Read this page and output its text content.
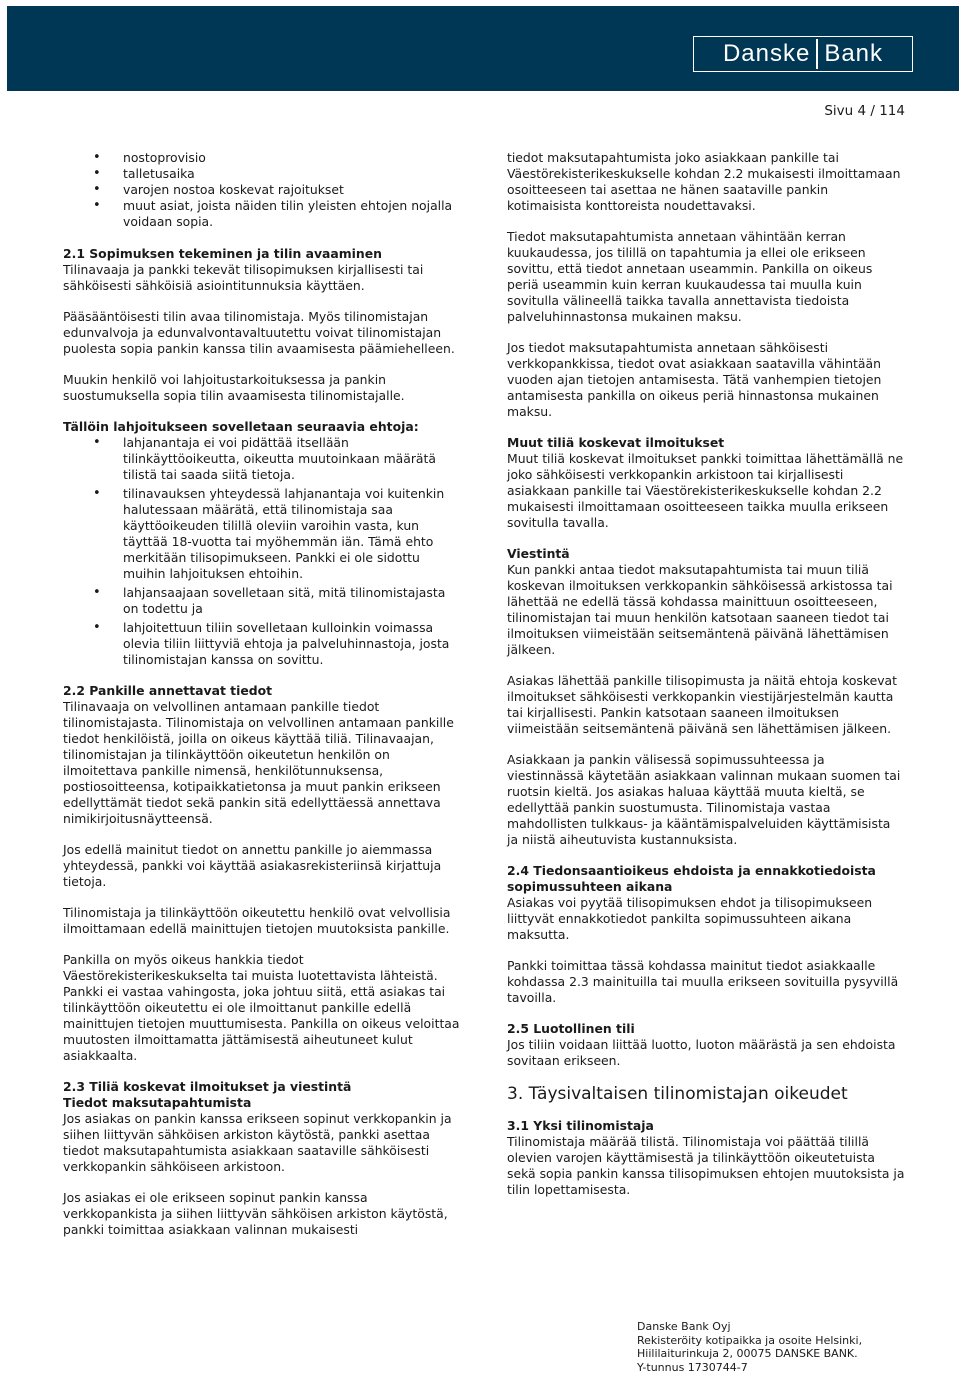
Danske Bank
Sivu 4 / 114
• nostoprovisio
• talletusaika
• varojen nostoa koskevat rajoitukset
• muut asiat, joista näiden tilin yleisten ehtojen nojalla voidaan sopia.

2.1 Sopimuksen tekeminen ja tilin avaaminen

Tilinavaaja ja pankki tekevät tilisopimuksen kirjallisesti tai sähköisesti sähköisiä asiointitunnuksia käyttäen.

Pääsääntöisesti tilin avaa tilinomistaja. Myös tilinomistajan edunvalvoja ja edunvalvontavaltuutettu voivat tilinomistajan puolesta sopia pankin kanssa tilin avaamisesta päämiehelleen.

Muukin henkilö voi lahjoitustarkoituksessa ja pankin suostumuksella sopia tilin avaamisesta tilinomistajalle.

Tällöin lahjoitukseen sovelletaan seuraavia ehtoja:

• lahjanantaja ei voi pidättää itsellään tilinkäyttöoikeutta, oikeutta muutoinkaan määrätä tilistä tai saada siitä tietoja.
• tilinavauksen yhteydessä lahjanantaja voi kuitenkin halutessaan määrätä, että tilinomistaja saa käyttöoikeuden tilillä oleviin varoihin vasta, kun täyttää 18-vuotta tai myöhemmän iän. Tämä ehto merkitään tilisopimukseen. Pankki ei ole sidottu muihin lahjoituksen ehtoihin.
• lahjansaajaan sovelletaan sitä, mitä tilinomistajasta on todettu ja
• lahjoitettuun tiliin sovelletaan kulloinkin voimassa olevia tiliin liittyviä ehtoja ja palveluhinnastoja, josta tilinomistajan kanssa on sovittu.

2.2 Pankille annettavat tiedot

Tilinavaaja on velvollinen antamaan pankille tiedot tilinomistajasta. Tilinomistaja on velvollinen antamaan pankille tiedot henkilöistä, joilla on oikeus käyttää tiliä. Tilinavaajan, tilinomistajan ja tilinkäyttöön oikeutetun henkilön on ilmoitettava pankille nimensä, henkilötunnuksensa, postiosoitteensa, kotipaikkatietonsa ja muut pankin erikseen edellyttämät tiedot sekä pankin sitä edellyttäessä annettava nimikirjoitusnäytteensä.

Jos edellä mainitut tiedot on annettu pankille jo aiemmassa yhteydessä, pankki voi käyttää asiakasrekisteriinsä kirjattuja tietoja.

Tilinomistaja ja tilinkäyttöön oikeutettu henkilö ovat velvollisia ilmoittamaan edellä mainittujen tietojen muutoksista pankille.

Pankilla on myös oikeus hankkia tiedot Väestörekisterikeskukselta tai muista luotettavista lähteistä. Pankki ei vastaa vahingosta, joka johtuu siitä, että asiakas tai tilinkäyttöön oikeutettu ei ole ilmoittanut pankille edellä mainittujen tietojen muuttumisesta. Pankilla on oikeus veloittaa muutosten ilmoittamatta jättämisestä aiheutuneet kulut asiakkaalta.

2.3 Tiliä koskevat ilmoitukset ja viestintä

Tiedot maksutapahtumista

Jos asiakas on pankin kanssa erikseen sopinut verkkopankin ja siihen liittyvän sähköisen arkiston käytöstä, pankki asettaa tiedot maksutapahtumista asiakkaan saataville sähköisesti verkkopankin sähköiseen arkistoon.

Jos asiakas ei ole erikseen sopinut pankin kanssa verkkopankista ja siihen liittyvän sähköisen arkiston käytöstä, pankki toimittaa asiakkaan valinnan mukaisesti

tiedot maksutapahtumista joko asiakkaan pankille tai Väestörekisterikeskukselle kohdan 2.2 mukaisesti ilmoittamaan osoitteeseen tai asettaa ne hänen saataville pankin kotimaisista konttoreista noudettavaksi.

Tiedot maksutapahtumista annetaan vähintään kerran kuukaudessa, jos tilillä on tapahtumia ja ellei ole erikseen sovittu, että tiedot annetaan useammin. Pankilla on oikeus periä useammin kuin kerran kuukaudessa tai muulla kuin sovitulla välineellä taikka tavalla annettavista tiedoista palveluhinnastonsa mukainen maksu.

Jos tiedot maksutapahtumista annetaan sähköisesti verkkopankkissa, tiedot ovat asiakkaan saatavilla vähintään vuoden ajan tietojen antamisesta. Tätä vanhempien tietojen antamisesta pankilla on oikeus periä hinnastonsa mukainen maksu.

Muut tiliä koskevat ilmoitukset

Muut tiliä koskevat ilmoitukset pankki toimittaa lähettämällä ne joko sähköisesti verkkopankin arkistoon tai kirjallisesti asiakkaan pankille tai Väestörekisterikeskukselle kohdan 2.2 mukaisesti ilmoittamaan osoitteeseen taikka muulla erikseen sovitulla tavalla.

Viestintä

Kun pankki antaa tiedot maksutapahtumista tai muun tiliä koskevan ilmoituksen verkkopankin sähköisessä arkistossa tai lähettää ne edellä tässä kohdassa mainittuun osoitteeseen, tilinomistajan tai muun henkilön katsotaan saaneen tiedot tai ilmoituksen viimeistään seitsemäntenä päivänä lähettämisen jälkeen.

Asiakas lähettää pankille tilisopimusta ja näitä ehtoja koskevat ilmoitukset sähköisesti verkkopankin viestijärjestelmän kautta tai kirjallisesti. Pankin katsotaan saaneen ilmoituksen viimeistään seitsemäntenä päivänä sen lähettämisen jälkeen.

Asiakkaan ja pankin välisessä sopimussuhteessa ja viestinnässä käytetään asiakkaan valinnan mukaan suomen tai ruotsin kieltä. Jos asiakas haluaa käyttää muuta kieltä, se edellyttää pankin suostumusta. Tilinomistaja vastaa mahdollisten tulkkaus- ja kääntämispalveluiden käyttämisista ja niistä aiheutuvista kustannuksista.

2.4 Tiedonsaantioikeus ehdoista ja ennakkotiedoista sopimussuhteen aikana

Asiakas voi pyytää tilisopimuksen ehdot ja tilisopimukseen liittyvät ennakkotiedot pankilta sopimussuhteen aikana maksutta.

Pankki toimittaa tässä kohdassa mainitut tiedot asiakkaalle kohdassa 2.3 mainituilla tai muulla erikseen sovituilla pysyvillä tavoilla.

2.5 Luotollinen tili

Jos tiliin voidaan liittää luotto, luoton määrästä ja sen ehdoista sovitaan erikseen.

3. Täysivaltaisen tilinomistajan oikeudet

3.1 Yksi tilinomistaja

Tilinomistaja määrää tilistä. Tilinomistaja voi päättää tilillä olevien varojen käyttämisestä ja tilinkäyttöön oikeutetuista sekä sopia pankin kanssa tilisopimuksen ehtojen muutoksista ja tilin lopettamisesta.

Danske Bank Oyj
Rekisteröity kotipaikka ja osoite Helsinki,
Hiililaiturinkuja 2, 00075 DANSKE BANK.
Y-tunnus 1730744-7
